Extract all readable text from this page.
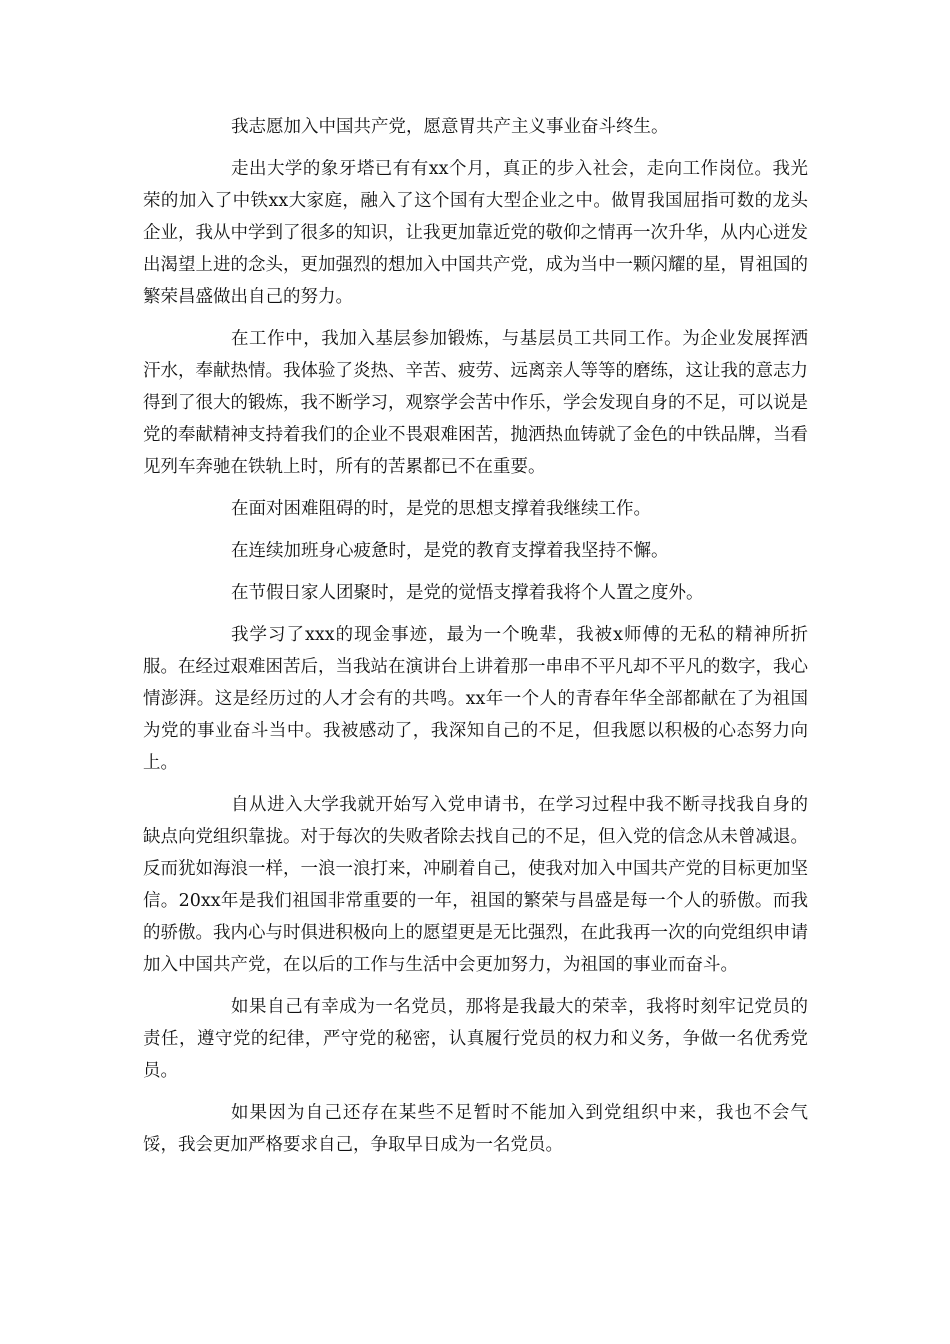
我志愿加入中国共产党，愿意胃共产主义事业奋斗终生。

走出大学的象牙塔已有有xx个月，真正的步入社会，走向工作岗位。我光荣的加入了中铁xx大家庭，融入了这个国有大型企业之中。做胃我国屈指可数的龙头企业，我从中学到了很多的知识，让我更加靠近党的敬仰之情再一次升华，从内心迸发出渴望上进的念头，更加强烈的想加入中国共产党，成为当中一颗闪耀的星，胃祖国的繁荣昌盛做出自己的努力。

在工作中，我加入基层参加锻炼，与基层员工共同工作。为企业发展挥洒汗水，奉献热情。我体验了炎热、辛苦、疲劳、远离亲人等等的磨练，这让我的意志力得到了很大的锻炼，我不断学习，观察学会苦中作乐，学会发现自身的不足，可以说是党的奉献精神支持着我们的企业不畏艰难困苦，抛洒热血铸就了金色的中铁品牌，当看见列车奔驰在铁轨上时，所有的苦累都已不在重要。

在面对困难阻碍的时，是党的思想支撑着我继续工作。

在连续加班身心疲惫时，是党的教育支撑着我坚持不懈。

在节假日家人团聚时，是党的觉悟支撑着我将个人置之度外。

我学习了xxx的现金事迹，最为一个晚辈，我被x师傅的无私的精神所折服。在经过艰难困苦后，当我站在演讲台上讲着那一串串不平凡却不平凡的数字，我心情澎湃。这是经历过的人才会有的共鸣。xx年一个人的青春年华全部都献在了为祖国为党的事业奋斗当中。我被感动了，我深知自己的不足，但我愿以积极的心态努力向上。

自从进入大学我就开始写入党申请书，在学习过程中我不断寻找我自身的缺点向党组织靠拢。对于每次的失败者除去找自己的不足，但入党的信念从未曾减退。反而犹如海浪一样，一浪一浪打来，冲刷着自己，使我对加入中国共产党的目标更加坚信。20xx年是我们祖国非常重要的一年，祖国的繁荣与昌盛是每一个人的骄傲。而我的骄傲。我内心与时俱进积极向上的愿望更是无比强烈，在此我再一次的向党组织申请加入中国共产党，在以后的工作与生活中会更加努力，为祖国的事业而奋斗。

如果自己有幸成为一名党员，那将是我最大的荣幸，我将时刻牢记党员的责任，遵守党的纪律，严守党的秘密，认真履行党员的权力和义务，争做一名优秀党员。

如果因为自己还存在某些不足暂时不能加入到党组织中来，我也不会气馁，我会更加严格要求自己，争取早日成为一名党员。
